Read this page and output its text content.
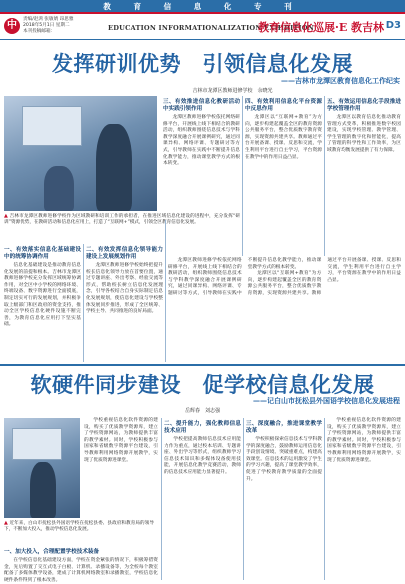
教 育 信 息 化 专 刊
中
责编/赵鸿 张敏婧 昂思雅
2018年5月1日 星期二
本刊投稿邮箱：	EDUCATION INFORMATIONALIZATION EXHIBITION
教育信息化巡展·E 教吉林 D3
发挥研训优势　引领信息化发展
——吉林市龙潭区教育信息化工作纪实
吉林市龙潭区教师进修学校　余晓光

三、有效推进信息化教研活动中实践引领作用

龙潭区教师进修学校依托网络研修平台，开展线上线下相结合的教研活动，组织教师围绕信息技术与学科教学深度融合开展课例研究，通过同课异构、网络评课、专题研讨等方式，引导教师在实践中不断提升信息化教学能力，推动课堂教学方式的根本转变。

四、有效利用信息化平台资源中反思作用

龙潭区以“互联网+教育”为方向，逐步构建起覆盖全区的教育资源公共服务平台，整合优质数字教育资源，实现资源共建共享。教师通过平台开展备课、授课、反思和交流，学生利用平台进行自主学习，平台资源在教学中的作用日益凸显。

五、有效运用信息化手段推进学校管理作用

龙潭区以教育信息化推动教育管理方式变革，积极推进数字校园建设，实现学校管理、教学管理、学生管理的数字化和智能化，提高了管理的科学性和工作效率，为区域教育均衡发展提供了有力保障。

▲ 吉林市龙潭区教师进修学校作为区域教研和培训工作的承担者，在推进区域信息化建设的进程中，充分发挥“研训”资源优势，在教研活动和信息化应用上，打造了“互联网+”模式，引领全区教育信息化发展。

一、有效落实信息化基础建设中的统筹协调作用

信息化基础建设是推动教育信息化发展的前提和根本。吉林市龙潭区教师进修学校充分发挥区域统筹协调作用，对全区中小学校的网络环境、终端设备、数字资源进行全面摸底，制定切实可行的发展规划，并积极争取上级部门和区政府的资金支持，推动全区学校信息化硬件设施不断完善，为教育信息化应用打下坚实基础。

二、有效发挥信息化领导能力建设上发展规划作用

龙潭区教师进修学校始终把提升校长信息化领导力放在首要位置，通过专题讲座、外出考察、经验交流等形式，帮助校长树立信息化发展理念，引导各校结合自身实际制定信息化发展规划，使信息化建设与学校整体发展同步推进，形成了全区统筹、学校主导、共同推进的良好局面。

龙潭区教师进修学校依托网络研修平台，开展线上线下相结合的教研活动，组织教师围绕信息技术与学科教学深度融合开展课例研究，通过同课异构、网络评课、专题研讨等方式，引导教师在实践中不断提升信息化教学能力，推动课堂教学方式的根本转变。

龙潭区以“互联网+教育”为方向，逐步构建起覆盖全区的教育资源公共服务平台，整合优质数字教育资源，实现资源共建共享。教师通过平台开展备课、授课、反思和交流，学生利用平台进行自主学习，平台资源在教学中的作用日益凸显。

软硬件同步建设　促学校信息化发展
——记白山市抚松县外国语学校信息化发展进程
岳辉春　刘志强
▲ 近年来，白山市抚松县外国语学校在抚松县委、县政府和教育局的领导下，不断加大投入，推动学校信息化发展。

学校重视信息化软件资源的建设，购买了优质教学资源库，建立了学校资源网站，为教师提供丰富的教学素材。同时，学校积极参与国家和省级数字资源平台建设，引导教师利用网络资源开展教学，实现了优质资源进课堂。

一、加大投入，合理配置学校技术装备

在学校信息化基础建设方面，学校在资金紧张的情况下，积极筹措资金，先后购置了交互式电子白板、计算机、录播设备等，为全校每个教室配备了多媒体教学设备，建成了计算机网络教室和录播教室，学校信息化硬件条件得到了根本改善。

二、提升能力，强化教师信息技术应用

学校把提高教师信息技术应用能力作为重点，通过校本培训、专题讲座、外出学习等形式，组织教师学习信息技术知识和多媒体设备使用技能，开展信息化教学竞赛活动，教师的信息技术应用能力显著提升。

三、深度融合，推进课堂教学改革

学校积极探索信息技术与学科教学的深度融合，鼓励教师运用信息化手段创设情境、突破重难点，构建高效课堂。信息技术的运用激发了学生的学习兴趣，提高了课堂教学效率，促进了学校教育教学质量的全面提升。

学校重视信息化软件资源的建设，购买了优质教学资源库，建立了学校资源网站，为教师提供丰富的教学素材。同时，学校积极参与国家和省级数字资源平台建设，引导教师利用网络资源开展教学，实现了优质资源进课堂。
